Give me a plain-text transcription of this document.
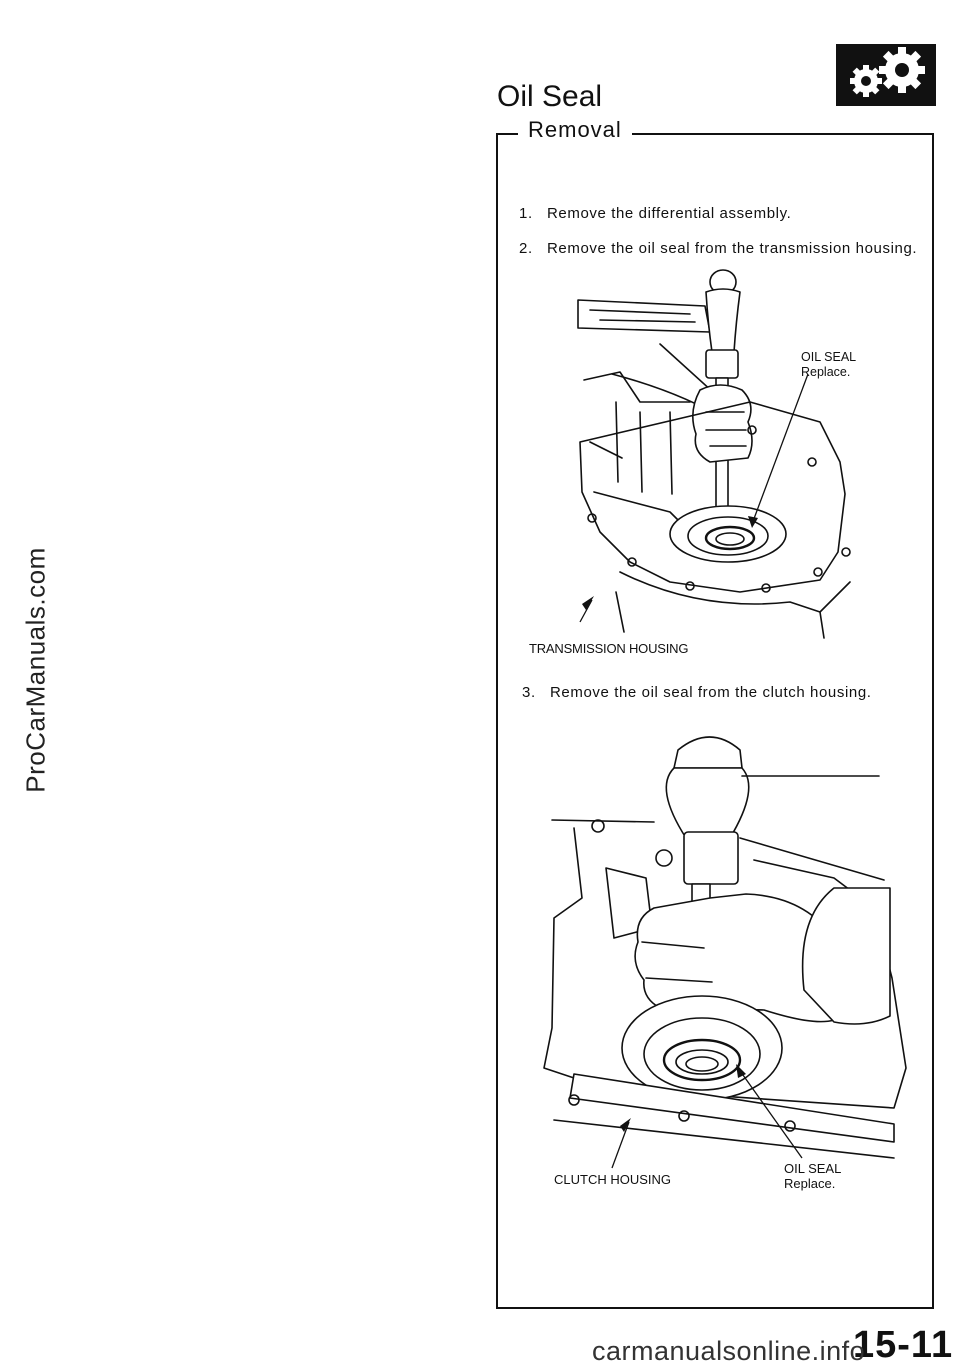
ProCarManuals.com
Oil Seal
Removal
1. Remove the differential assembly.
2. Remove the oil seal from the transmission housing.
OIL SEAL
Replace.
TRANSMISSION HOUSING
3. Remove the oil seal from the clutch housing.
OIL SEAL
Replace.
CLUTCH HOUSING
15-11
carmanualsonline.info
